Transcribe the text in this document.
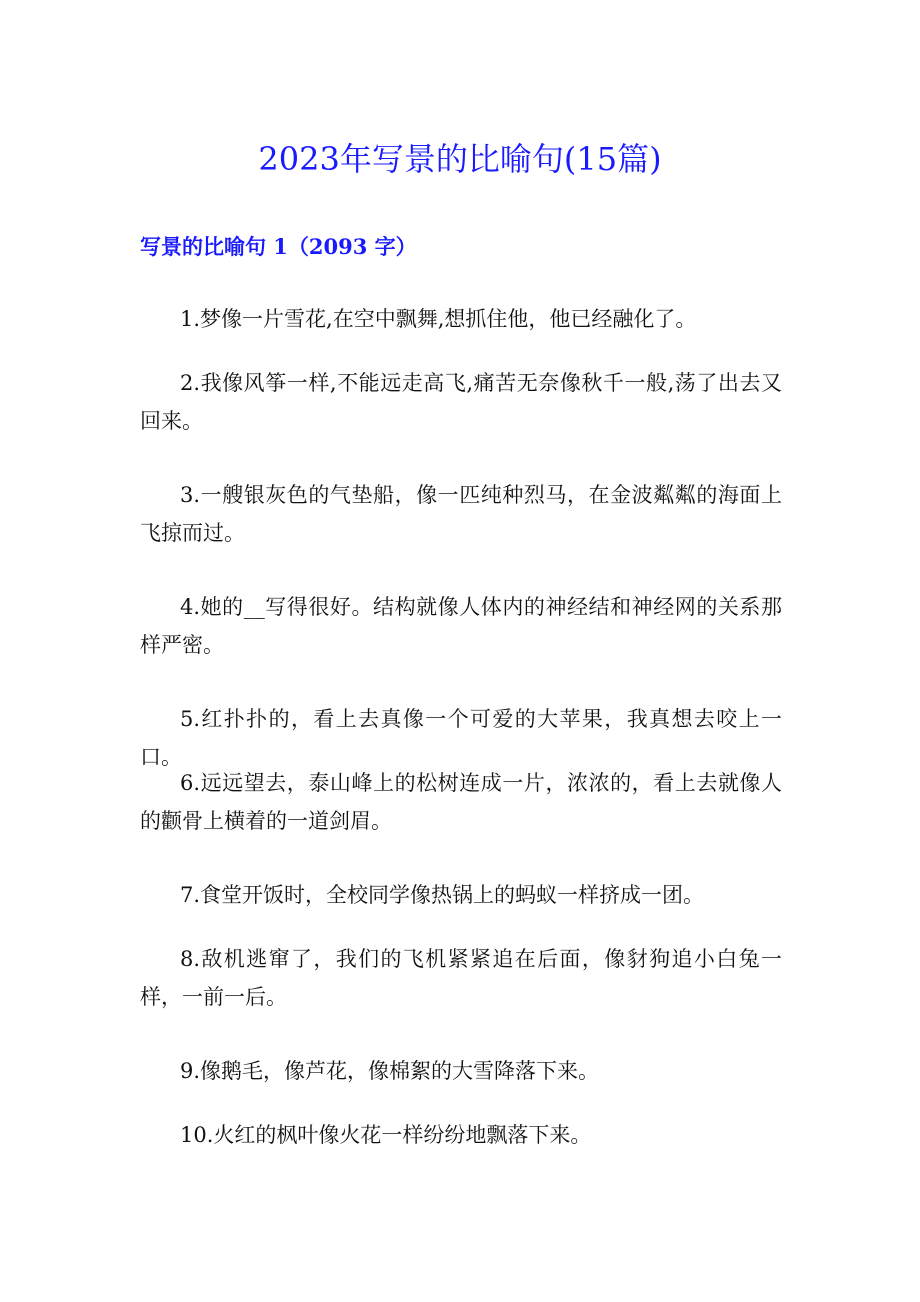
2023年写景的比喻句(15篇)
写景的比喻句 1（2093 字）

1.梦像一片雪花,在空中飘舞,想抓住他，他已经融化了。

2.我像风筝一样,不能远走高飞,痛苦无奈像秋千一般,荡了出去又回来。

3.一艘银灰色的气垫船，像一匹纯种烈马，在金波粼粼的海面上飞掠而过。

4.她的__写得很好。结构就像人体内的神经结和神经网的关系那样严密。

5.红扑扑的，看上去真像一个可爱的大苹果，我真想去咬上一口。

6.远远望去，泰山峰上的松树连成一片，浓浓的，看上去就像人的颧骨上横着的一道剑眉。

7.食堂开饭时，全校同学像热锅上的蚂蚁一样挤成一团。

8.敌机逃窜了，我们的飞机紧紧追在后面，像豺狗追小白兔一样，一前一后。

9.像鹅毛，像芦花，像棉絮的大雪降落下来。

10.火红的枫叶像火花一样纷纷地飘落下来。
